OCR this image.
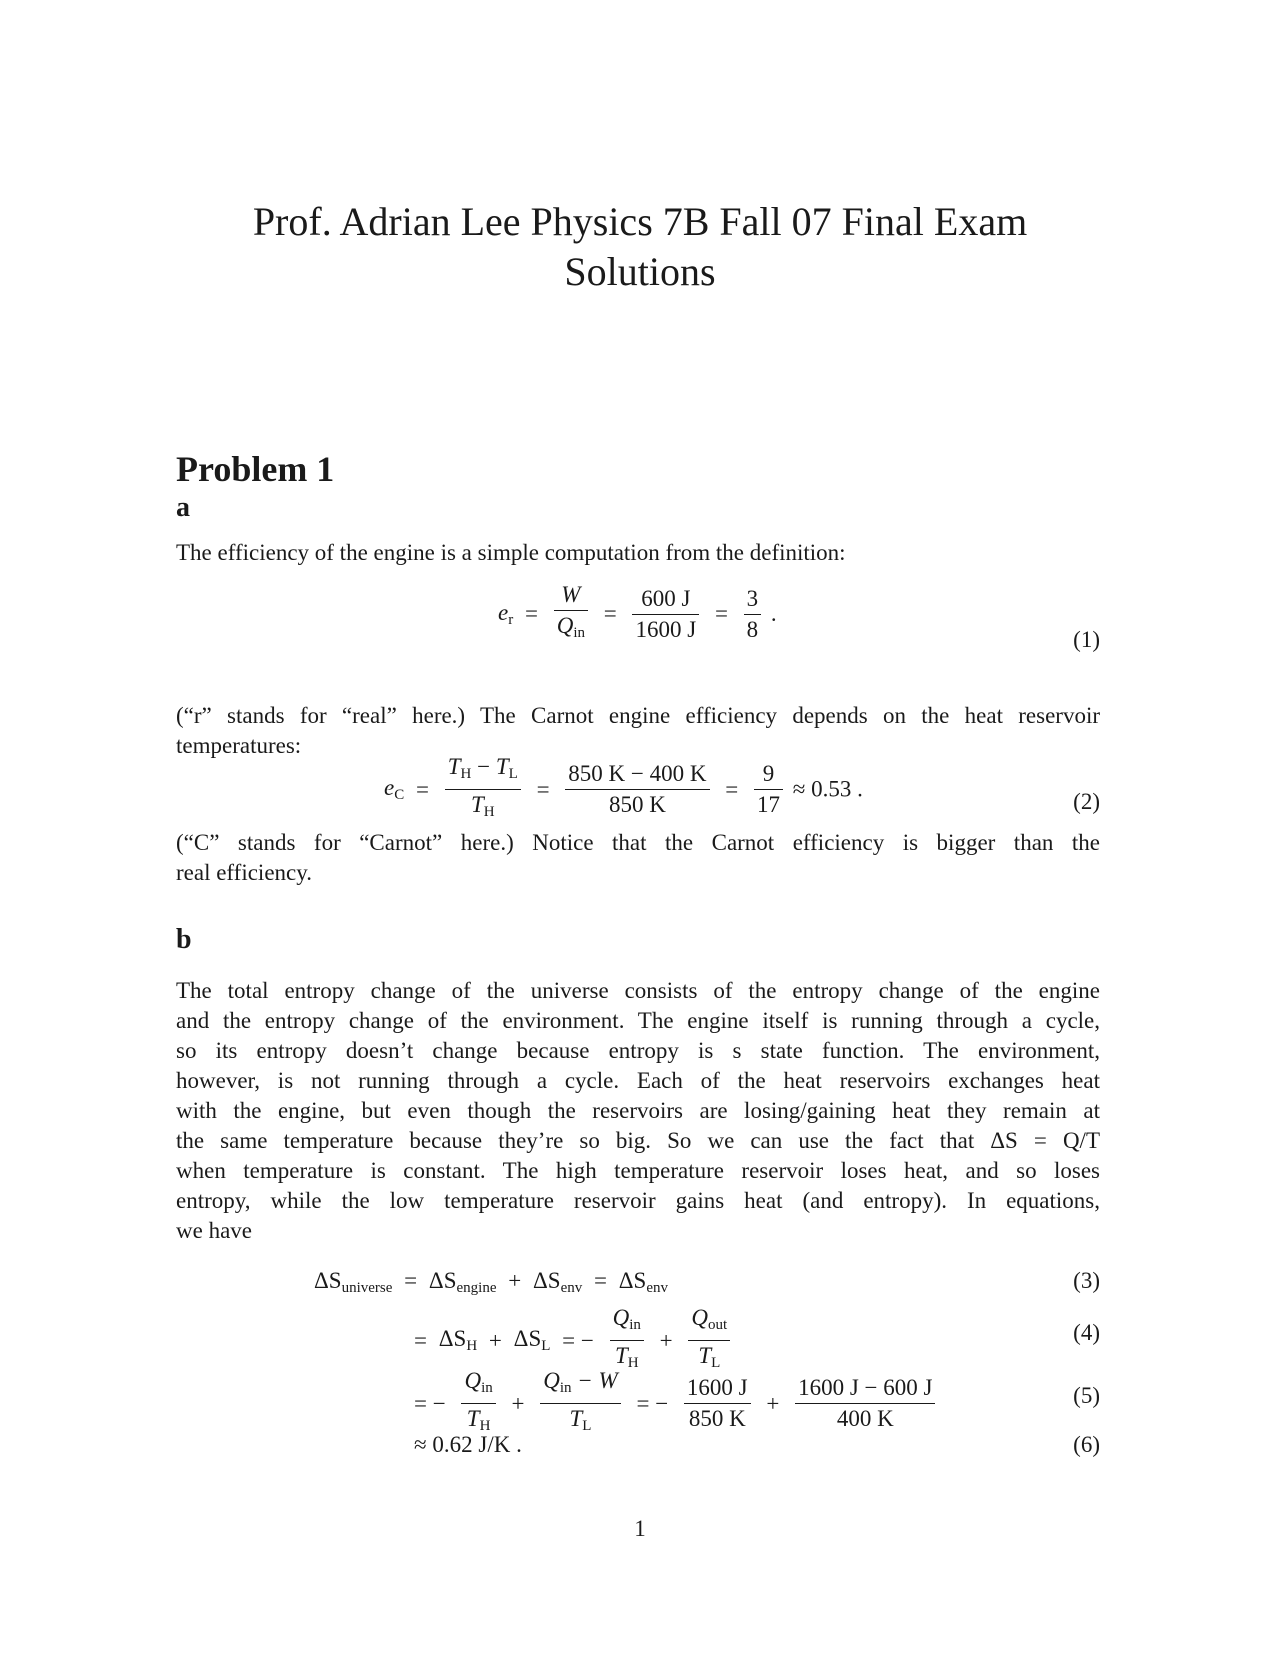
Prof. Adrian Lee Physics 7B Fall 07 Final Exam
Solutions
Problem 1
a
The efficiency of the engine is a simple computation from the definition:
$e_r = \frac{W}{Q_{in}} = \frac{600 J}{1600 J} = \frac{3}{8}$ .
(1)
(“r” stands for “real” here.) The Carnot engine efficiency depends on the heat reservoir
temperatures:
$e_C = \frac{T_H - T_L}{T_H} = \frac{850 K - 400 K}{850 K} = \frac{9}{17} \approx 0.53$ .	(2)
(“C” stands for “Carnot” here.) Notice that the Carnot efficiency is bigger than the
real efficiency.
b
The total entropy change of the universe consists of the entropy change of the engine
and the entropy change of the environment. The engine itself is running through a cycle,
so its entropy doesn’t change because entropy is s state function. The environment,
however, is not running through a cycle. Each of the heat reservoirs exchanges heat
with the engine, but even though the reservoirs are losing/gaining heat they remain at
the same temperature because they’re so big. So we can use the fact that ΔS = Q/T
when temperature is constant. The high temperature reservoir loses heat, and so loses
entropy, while the low temperature reservoir gains heat (and entropy). In equations,
we have
$\Delta S_{universe} = \Delta S_{engine} + \Delta S_{env} = \Delta S_{env}$	(3)
= $\Delta S_H + \Delta S_L$ = − $\frac{Q_{in}}{T_H} + \frac{Q_{out}}{T_L}$	(4)
= − $\frac{Q_{in}}{T_H} + \frac{Q_{in} - W}{T_L}$ = − $\frac{1600 J}{850 K} + \frac{1600 J - 600 J}{400 K}$	(5)
≈ 0.62 J/K .	(6)
1
